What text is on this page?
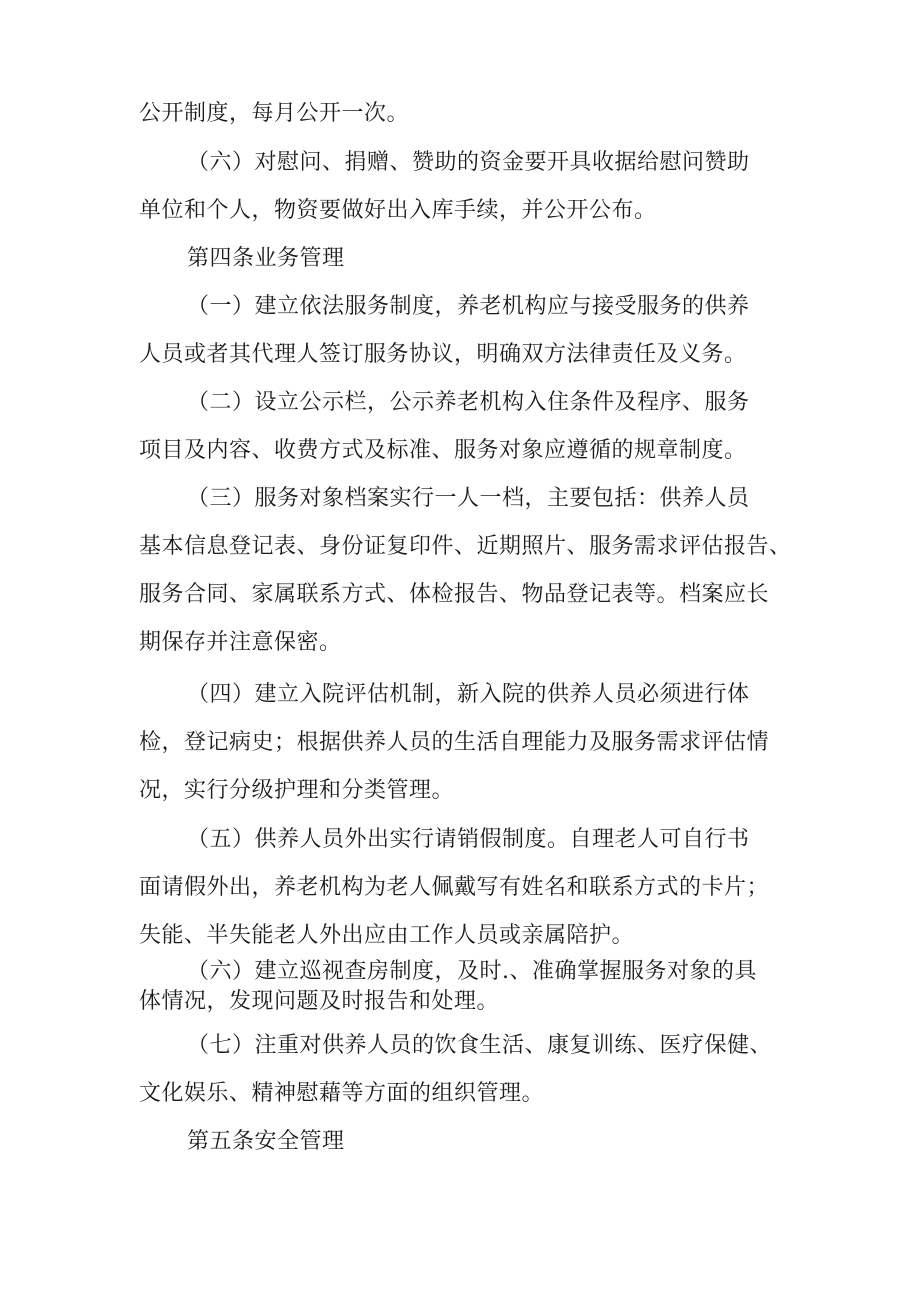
公开制度，每月公开一次。
（六）对慰问、捐赠、赞助的资金要开具收据给慰问赞助
单位和个人，物资要做好出入库手续，并公开公布。
第四条业务管理
（一）建立依法服务制度，养老机构应与接受服务的供养
人员或者其代理人签订服务协议，明确双方法律责任及义务。
（二）设立公示栏，公示养老机构入住条件及程序、服务
项目及内容、收费方式及标准、服务对象应遵循的规章制度。
（三）服务对象档案实行一人一档，主要包括：供养人员
基本信息登记表、身份证复印件、近期照片、服务需求评估报告、
服务合同、家属联系方式、体检报告、物品登记表等。档案应长
期保存并注意保密。
（四）建立入院评估机制，新入院的供养人员必须进行体
检，登记病史；根据供养人员的生活自理能力及服务需求评估情
况，实行分级护理和分类管理。
（五）供养人员外出实行请销假制度。自理老人可自行书
面请假外出，养老机构为老人佩戴写有姓名和联系方式的卡片；
失能、半失能老人外出应由工作人员或亲属陪护。
（六）建立巡视查房制度，及时.、准确掌握服务对象的具
体情况，发现问题及时报告和处理。
（七）注重对供养人员的饮食生活、康复训练、医疗保健、
文化娱乐、精神慰藉等方面的组织管理。
第五条安全管理
